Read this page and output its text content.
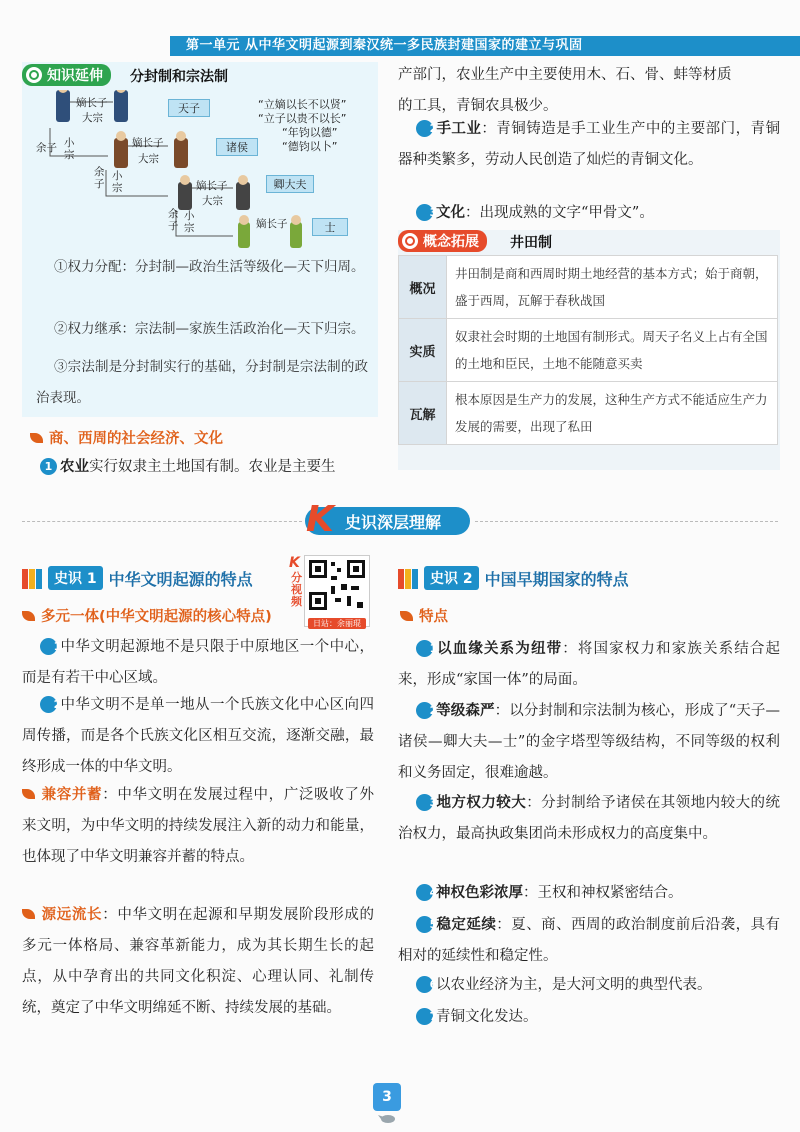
第一单元 从中华文明起源到秦汉统一多民族封建国家的建立与巩固
知识延伸 分封制和宗法制
嫡长子
大宗
余子 小宗
嫡长子
大宗
余子
小宗	嫡长子
大宗
余子
小宗	嫡长子
天子
诸侯
卿大夫
士
“立嫡以长不以贤”
“立子以贵不以长”
“年钧以德”
“德钧以卜”
①权力分配：分封制—政治生活等级化—天下归周。
②权力继承：宗法制—家族生活政治化—天下归宗。
③宗法制是分封制实行的基础，分封制是宗法制的政治表现。
商、西周的社会经济、文化
1 农业实行奴隶主土地国有制。农业是主要生
产部门，农业生产中主要使用木、石、骨、蚌等材质
的工具，青铜农具极少。
2手工业：青铜铸造是手工业生产中的主要部门，青铜器种类繁多，劳动人民创造了灿烂的青铜文化。
3文化：出现成熟的文字“甲骨文”。
概念拓展 井田制
概况
井田制是商和西周时期土地经营的基本方式；始于商朝，盛于西周，瓦解于春秋战国
实质
奴隶社会时期的土地国有制形式。周天子名义上占有全国的土地和臣民，土地不能随意买卖
瓦解
根本原因是生产力的发展，这种生产方式不能适应生产力发展的需要，出现了私田
史识深层理解
K
史识 1 中华文明起源的特点
日站：余丽琨
K
分视频
多元一体(中华文明起源的核心特点)
1中华文明起源地不是只限于中原地区一个中心，而是有若干中心区域。
2中华文明不是单一地从一个氏族文化中心区向四周传播，而是各个氏族文化区相互交流，逐渐交融，最终形成一体的中华文明。
兼容并蓄：中华文明在发展过程中，广泛吸收了外来文明，为中华文明的持续发展注入新的动力和能量，也体现了中华文明兼容并蓄的特点。
源远流长：中华文明在起源和早期发展阶段形成的多元一体格局、兼容革新能力，成为其长期生长的起点，从中孕育出的共同文化积淀、心理认同、礼制传统，奠定了中华文明绵延不断、持续发展的基础。
史识 2 中国早期国家的特点
特点
1以血缘关系为纽带：将国家权力和家族关系结合起来，形成“家国一体”的局面。
2等级森严：以分封制和宗法制为核心，形成了“天子—诸侯—卿大夫—士”的金字塔型等级结构，不同等级的权利和义务固定，很难逾越。
3地方权力较大：分封制给予诸侯在其领地内较大的统治权力，最高执政集团尚未形成权力的高度集中。
4神权色彩浓厚：王权和神权紧密结合。
5稳定延续：夏、商、西周的政治制度前后沿袭，具有相对的延续性和稳定性。
6以农业经济为主，是大河文明的典型代表。
7青铜文化发达。
3
